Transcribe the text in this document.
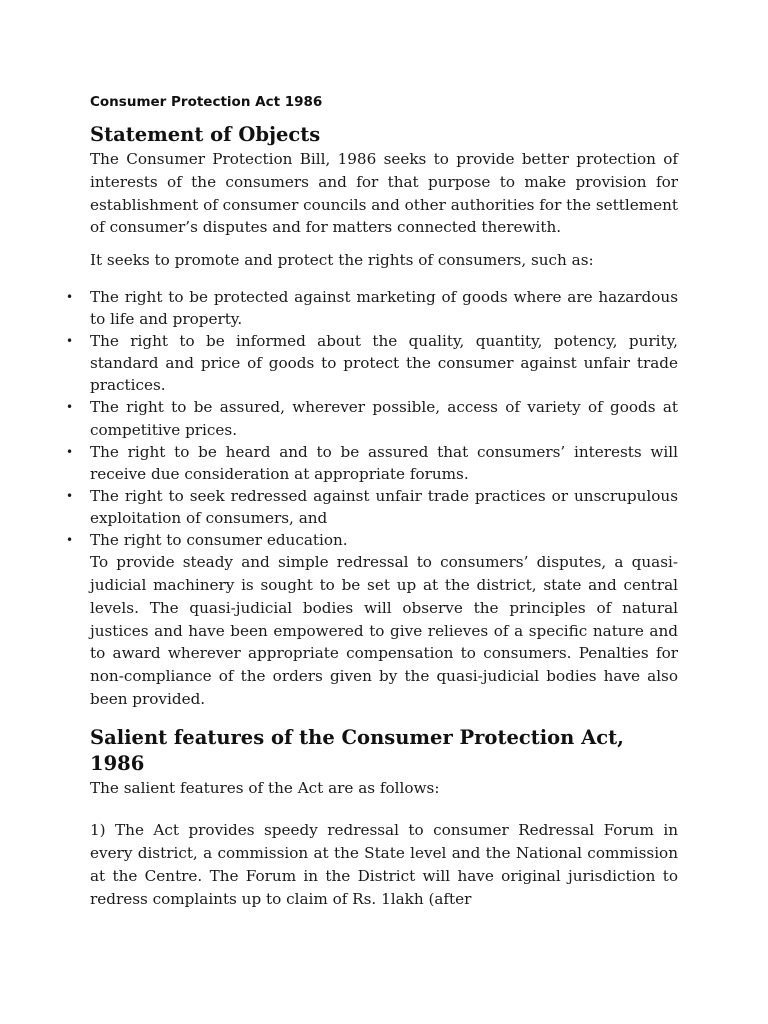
Consumer Protection Act 1986
Statement of Objects

The Consumer Protection Bill, 1986 seeks to provide better protection of interests of the consumers and for that purpose to make provision for establishment of consumer councils and other authorities for the settlement of consumer’s disputes and for matters connected therewith.

It seeks to promote and protect the rights of consumers, such as:

• The right to be protected against marketing of goods where are hazardous to life and property.
• The right to be informed about the quality, quantity, potency, purity, standard and price of goods to protect the consumer against unfair trade practices.
• The right to be assured, wherever possible, access of variety of goods at competitive prices.
• The right to be heard and to be assured that consumers’ interests will receive due consideration at appropriate forums.
• The right to seek redressed against unfair trade practices or unscrupulous exploitation of consumers, and
• The right to consumer education.

To provide steady and simple redressal to consumers’ disputes, a quasi-judicial machinery is sought to be set up at the district, state and central levels. The quasi-judicial bodies will observe the principles of natural justices and have been empowered to give relieves of a specific nature and to award wherever appropriate compensation to consumers. Penalties for non-compliance of the orders given by the quasi-judicial bodies have also been provided.

Salient features of the Consumer Protection Act, 1986

The salient features of the Act are as follows:

1) The Act provides speedy redressal to consumer Redressal Forum in every district, a commission at the State level and the National commission at the Centre. The Forum in the District will have original jurisdiction to redress complaints up to claim of Rs. 1lakh (after
